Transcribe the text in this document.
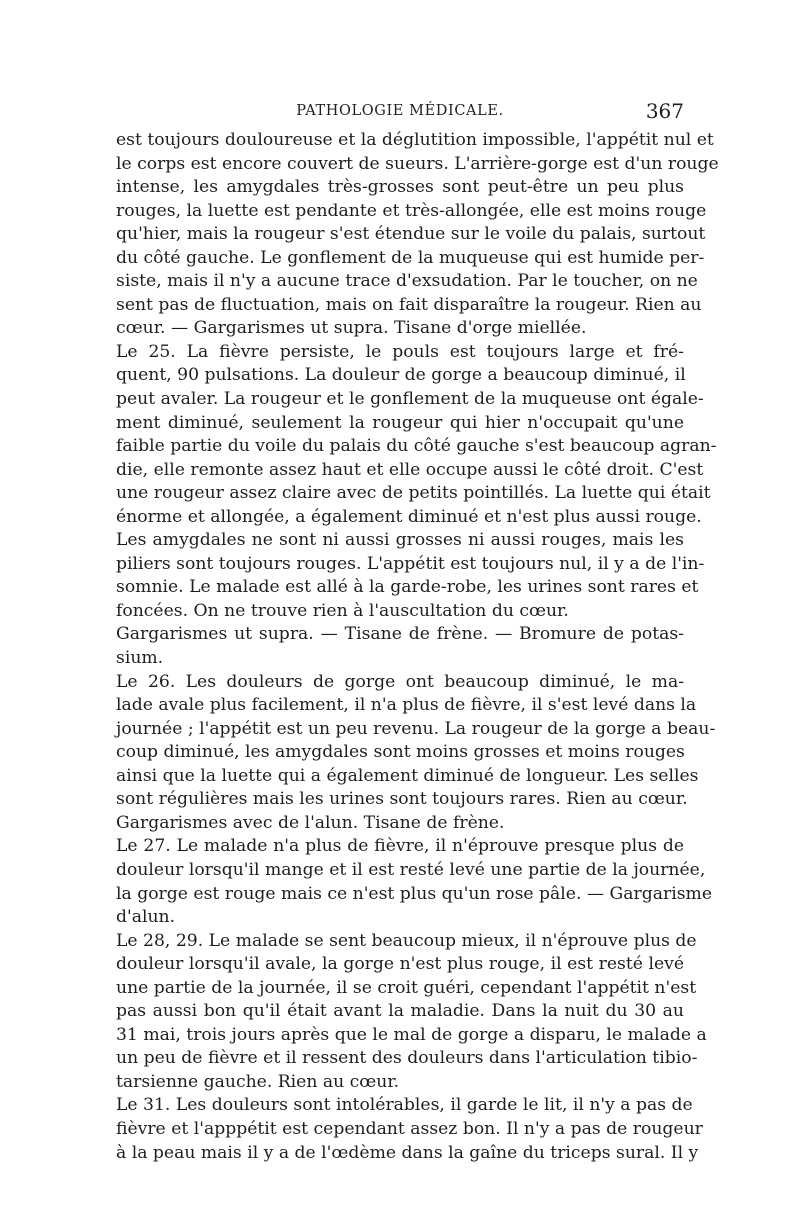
PATHOLOGIE MÉDICALE.	367
est toujours douloureuse et la déglutition impossible, l'appétit nul et
le corps est encore couvert de sueurs. L'arrière-gorge est d'un rouge
intense, les amygdales très-grosses sont peut-être un peu plus
rouges, la luette est pendante et très-allongée, elle est moins rouge
qu'hier, mais la rougeur s'est étendue sur le voile du palais, surtout
du côté gauche. Le gonflement de la muqueuse qui est humide per-
siste, mais il n'y a aucune trace d'exsudation. Par le toucher, on ne
sent pas de fluctuation, mais on fait disparaître la rougeur. Rien au
cœur. — Gargarismes ut supra. Tisane d'orge miellée.
Le 25. La fièvre persiste, le pouls est toujours large et fré-
quent, 90 pulsations. La douleur de gorge a beaucoup diminué, il
peut avaler. La rougeur et le gonflement de la muqueuse ont égale-
ment diminué, seulement la rougeur qui hier n'occupait qu'une
faible partie du voile du palais du côté gauche s'est beaucoup agran-
die, elle remonte assez haut et elle occupe aussi le côté droit. C'est
une rougeur assez claire avec de petits pointillés. La luette qui était
énorme et allongée, a également diminué et n'est plus aussi rouge.
Les amygdales ne sont ni aussi grosses ni aussi rouges, mais les
piliers sont toujours rouges. L'appétit est toujours nul, il y a de l'in-
somnie. Le malade est allé à la garde-robe, les urines sont rares et
foncées. On ne trouve rien à l'auscultation du cœur.
Gargarismes ut supra. — Tisane de frène. — Bromure de potas-
sium.
Le 26. Les douleurs de gorge ont beaucoup diminué, le ma-
lade avale plus facilement, il n'a plus de fièvre, il s'est levé dans la
journée ; l'appétit est un peu revenu. La rougeur de la gorge a beau-
coup diminué, les amygdales sont moins grosses et moins rouges
ainsi que la luette qui a également diminué de longueur. Les selles
sont régulières mais les urines sont toujours rares. Rien au cœur.
Gargarismes avec de l'alun. Tisane de frène.
Le 27. Le malade n'a plus de fièvre, il n'éprouve presque plus de
douleur lorsqu'il mange et il est resté levé une partie de la journée,
la gorge est rouge mais ce n'est plus qu'un rose pâle. — Gargarisme
d'alun.
Le 28, 29. Le malade se sent beaucoup mieux, il n'éprouve plus de
douleur lorsqu'il avale, la gorge n'est plus rouge, il est resté levé
une partie de la journée, il se croit guéri, cependant l'appétit n'est
pas aussi bon qu'il était avant la maladie. Dans la nuit du 30 au
31 mai, trois jours après que le mal de gorge a disparu, le malade a
un peu de fièvre et il ressent des douleurs dans l'articulation tibio-
tarsienne gauche. Rien au cœur.
Le 31. Les douleurs sont intolérables, il garde le lit, il n'y a pas de
fièvre et l'apppétit est cependant assez bon. Il n'y a pas de rougeur
à la peau mais il y a de l'œdème dans la gaîne du triceps sural. Il y
